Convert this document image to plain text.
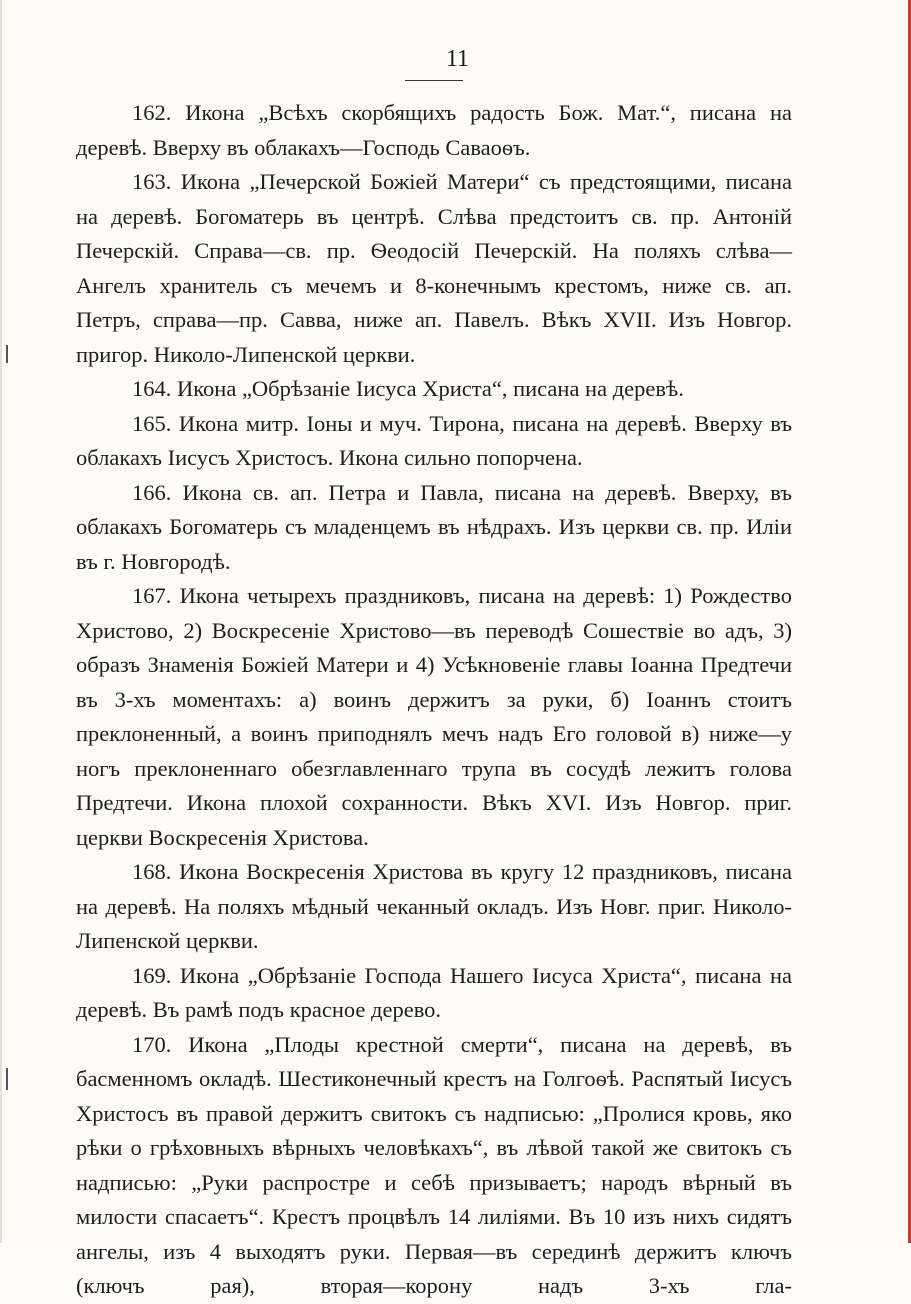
11

162. Икона „Всѣхъ скорбящихъ радость Бож. Мат.“, писана на деревѣ. Вверху въ облакахъ—Господь Саваоѳъ.

163. Икона „Печерской Божіей Матери“ съ предстоящими, писана на деревѣ. Богоматерь въ центрѣ. Слѣва предстоитъ св. пр. Антоній Печерскій. Справа—св. пр. Ѳеодосій Печерскій. На поляхъ слѣва—Ангелъ хранитель съ мечемъ и 8-конечнымъ крестомъ, ниже св. ап. Петръ, справа—пр. Савва, ниже ап. Павелъ. Вѣкъ XVII. Изъ Новгор. пригор. Николо-Липенской церкви.

164. Икона „Обрѣзаніе Іисуса Христа“, писана на деревѣ.

165. Икона митр. Іоны и муч. Тирона, писана на деревѣ. Вверху въ облакахъ Іисусъ Христосъ. Икона сильно попорчена.

166. Икона св. ап. Петра и Павла, писана на деревѣ. Вверху, въ облакахъ Богоматерь съ младенцемъ въ нѣдрахъ. Изъ церкви св. пр. Иліи въ г. Новгородѣ.

167. Икона четырехъ праздниковъ, писана на деревѣ: 1) Рождество Христово, 2) Воскресеніе Христово—въ переводѣ Сошествіе во адъ, 3) образъ Знаменія Божіей Матери и 4) Усѣкновеніе главы Іоанна Предтечи въ 3-хъ моментахъ: а) воинъ держитъ за руки, б) Іоаннъ стоитъ преклоненный, а воинъ приподнялъ мечъ надъ Его головой в) ниже—у ногъ преклоненнаго обезглавленнаго трупа въ сосудѣ лежитъ голова Предтечи. Икона плохой сохранности. Вѣкъ XVI. Изъ Новгор. приг. церкви Воскресенія Христова.

168. Икона Воскресенія Христова въ кругу 12 праздниковъ, писана на деревѣ. На поляхъ мѣдный чеканный окладъ. Изъ Новг. приг. Николо-Липенской церкви.

169. Икона „Обрѣзаніе Господа Нашего Іисуса Христа“, писана на деревѣ. Въ рамѣ подъ красное дерево.

170. Икона „Плоды крестной смерти“, писана на деревѣ, въ басменномъ окладѣ. Шестиконечный крестъ на Голгоѳѣ. Распятый Іисусъ Христосъ въ правой держитъ свитокъ съ надписью: „Пролися кровь, яко рѣки о грѣховныхъ вѣрныхъ человѣкахъ“, въ лѣвой такой же свитокъ съ надписью: „Руки распростре и себѣ призываетъ; народъ вѣрный въ милости спасаетъ“. Крестъ процвѣлъ 14 лиліями. Въ 10 изъ нихъ сидятъ ангелы, изъ 4 выходятъ руки. Первая—въ серединѣ держитъ ключъ (ключъ рая), вторая—корону надъ 3-хъ гла-
